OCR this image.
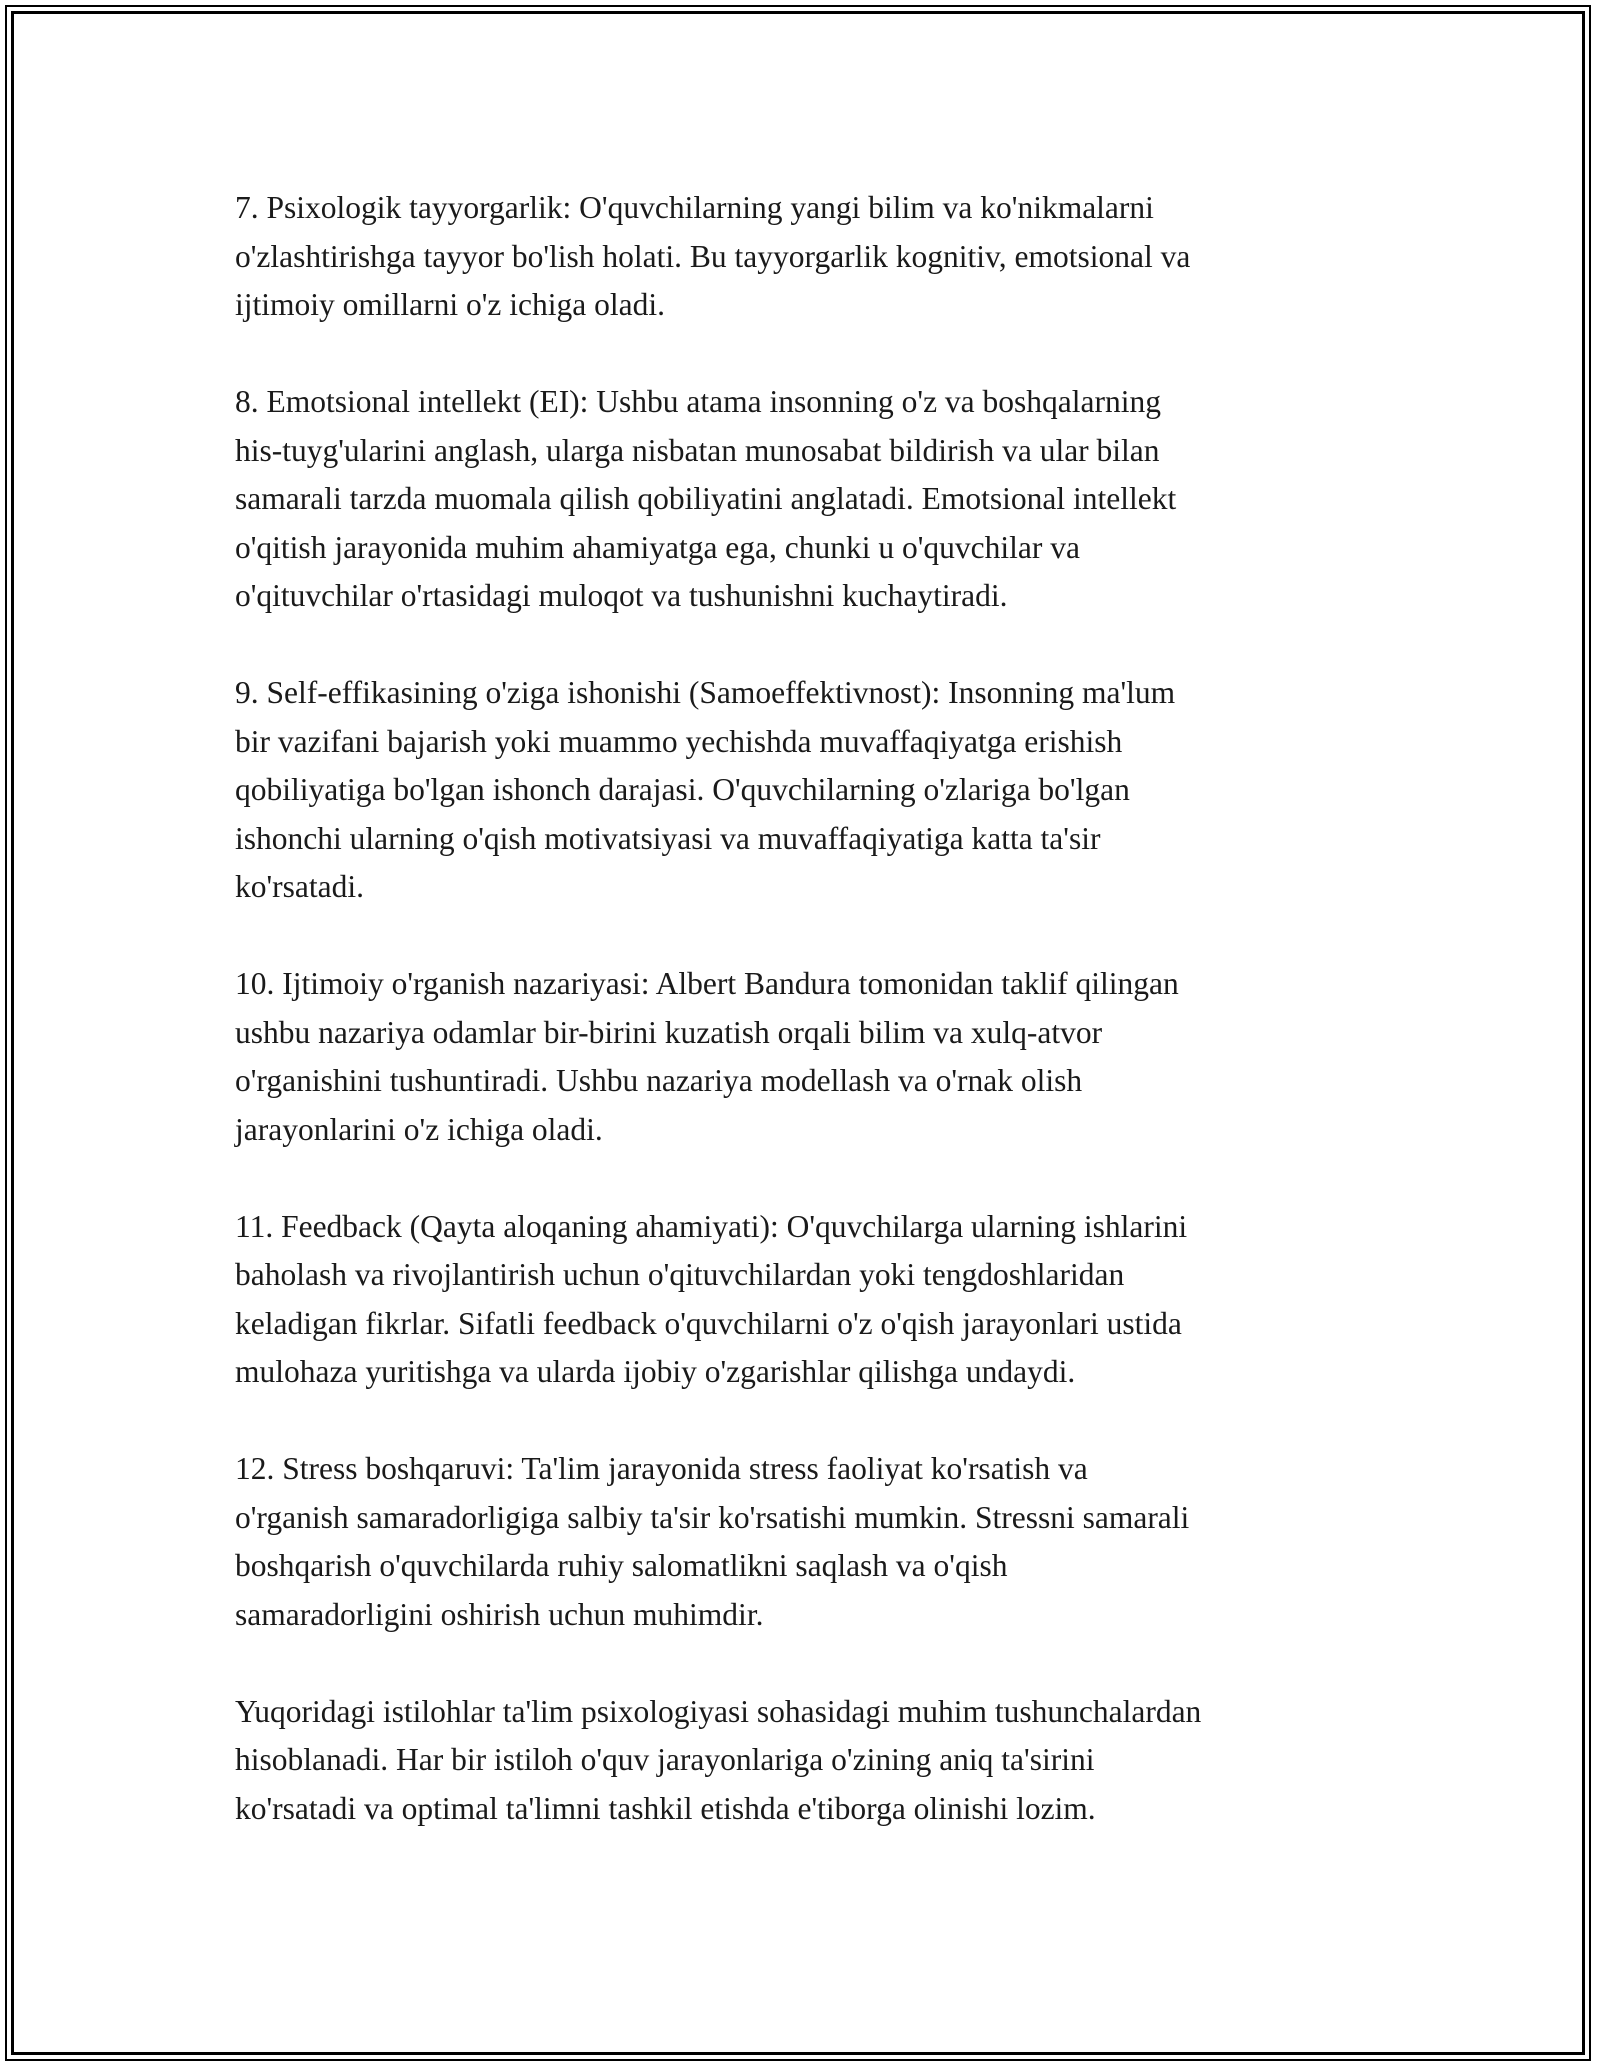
7. Psixologik tayyorgarlik: O'quvchilarning yangi bilim va ko'nikmalarni
o'zlashtirishga tayyor bo'lish holati. Bu tayyorgarlik kognitiv, emotsional va
ijtimoiy omillarni o'z ichiga oladi.

8. Emotsional intellekt (EI): Ushbu atama insonning o'z va boshqalarning
his-tuyg'ularini anglash, ularga nisbatan munosabat bildirish va ular bilan
samarali tarzda muomala qilish qobiliyatini anglatadi. Emotsional intellekt
o'qitish jarayonida muhim ahamiyatga ega, chunki u o'quvchilar va
o'qituvchilar o'rtasidagi muloqot va tushunishni kuchaytiradi.

9. Self-effikasining o'ziga ishonishi (Samoeffektivnost): Insonning ma'lum
bir vazifani bajarish yoki muammo yechishda muvaffaqiyatga erishish
qobiliyatiga bo'lgan ishonch darajasi. O'quvchilarning o'zlariga bo'lgan
ishonchi ularning o'qish motivatsiyasi va muvaffaqiyatiga katta ta'sir
ko'rsatadi.

10. Ijtimoiy o'rganish nazariyasi: Albert Bandura tomonidan taklif qilingan
ushbu nazariya odamlar bir-birini kuzatish orqali bilim va xulq-atvor
o'rganishini tushuntiradi. Ushbu nazariya modellash va o'rnak olish
jarayonlarini o'z ichiga oladi.

11. Feedback (Qayta aloqaning ahamiyati): O'quvchilarga ularning ishlarini
baholash va rivojlantirish uchun o'qituvchilardan yoki tengdoshlaridan
keladigan fikrlar. Sifatli feedback o'quvchilarni o'z o'qish jarayonlari ustida
mulohaza yuritishga va ularda ijobiy o'zgarishlar qilishga undaydi.

12. Stress boshqaruvi: Ta'lim jarayonida stress faoliyat ko'rsatish va
o'rganish samaradorligiga salbiy ta'sir ko'rsatishi mumkin. Stressni samarali
boshqarish o'quvchilarda ruhiy salomatlikni saqlash va o'qish
samaradorligini oshirish uchun muhimdir.

Yuqoridagi istilohlar ta'lim psixologiyasi sohasidagi muhim tushunchalardan
hisoblanadi. Har bir istiloh o'quv jarayonlariga o'zining aniq ta'sirini
ko'rsatadi va optimal ta'limni tashkil etishda e'tiborga olinishi lozim.
